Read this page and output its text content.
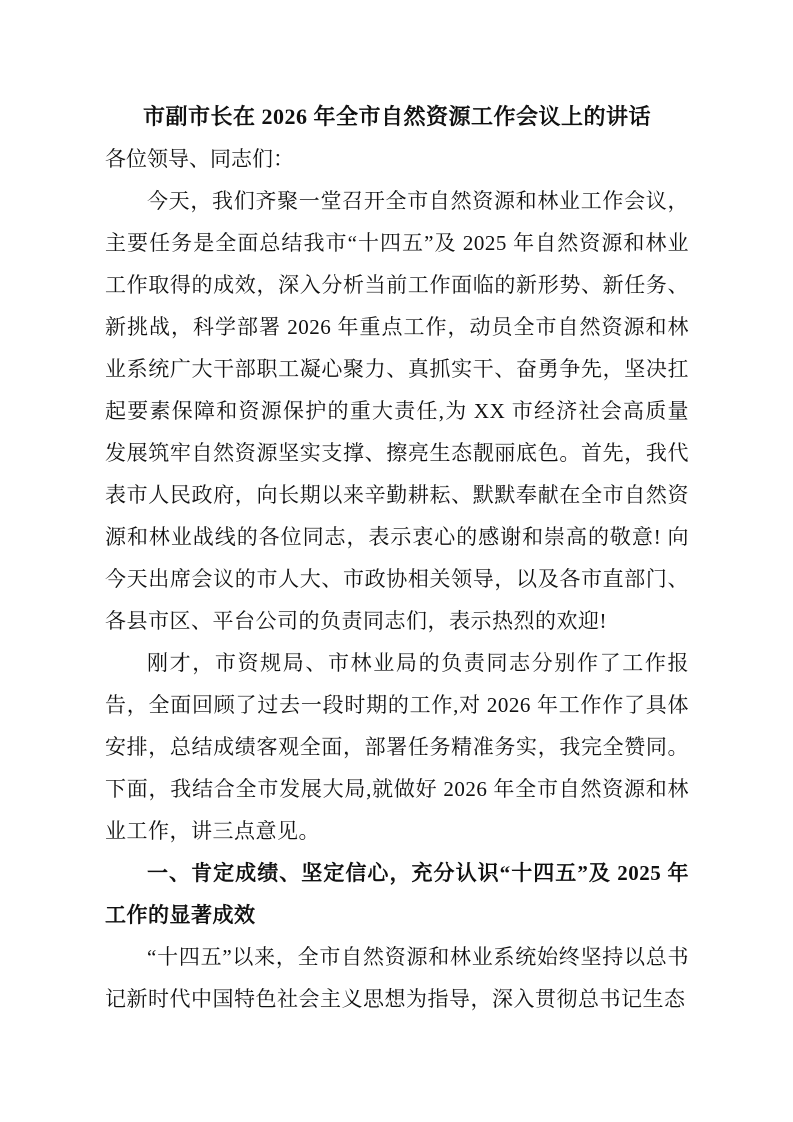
市副市长在 2026 年全市自然资源工作会议上的讲话

各位领导、同志们：

今天，我们齐聚一堂召开全市自然资源和林业工作会议，主要任务是全面总结我市“十四五”及 2025 年自然资源和林业工作取得的成效，深入分析当前工作面临的新形势、新任务、新挑战，科学部署 2026 年重点工作，动员全市自然资源和林业系统广大干部职工凝心聚力、真抓实干、奋勇争先，坚决扛起要素保障和资源保护的重大责任,为 XX 市经济社会高质量发展筑牢自然资源坚实支撑、擦亮生态靓丽底色。首先，我代表市人民政府，向长期以来辛勤耕耘、默默奉献在全市自然资源和林业战线的各位同志，表示衷心的感谢和崇高的敬意! 向今天出席会议的市人大、市政协相关领导，以及各市直部门、各县市区、平台公司的负责同志们，表示热烈的欢迎!

刚才，市资规局、市林业局的负责同志分别作了工作报告，全面回顾了过去一段时期的工作,对 2026 年工作作了具体安排，总结成绩客观全面，部署任务精准务实，我完全赞同。下面，我结合全市发展大局,就做好 2026 年全市自然资源和林业工作，讲三点意见。

一、肯定成绩、坚定信心，充分认识“十四五”及 2025 年工作的显著成效

“十四五”以来，全市自然资源和林业系统始终坚持以总书记新时代中国特色社会主义思想为指导，深入贯彻总书记生态
